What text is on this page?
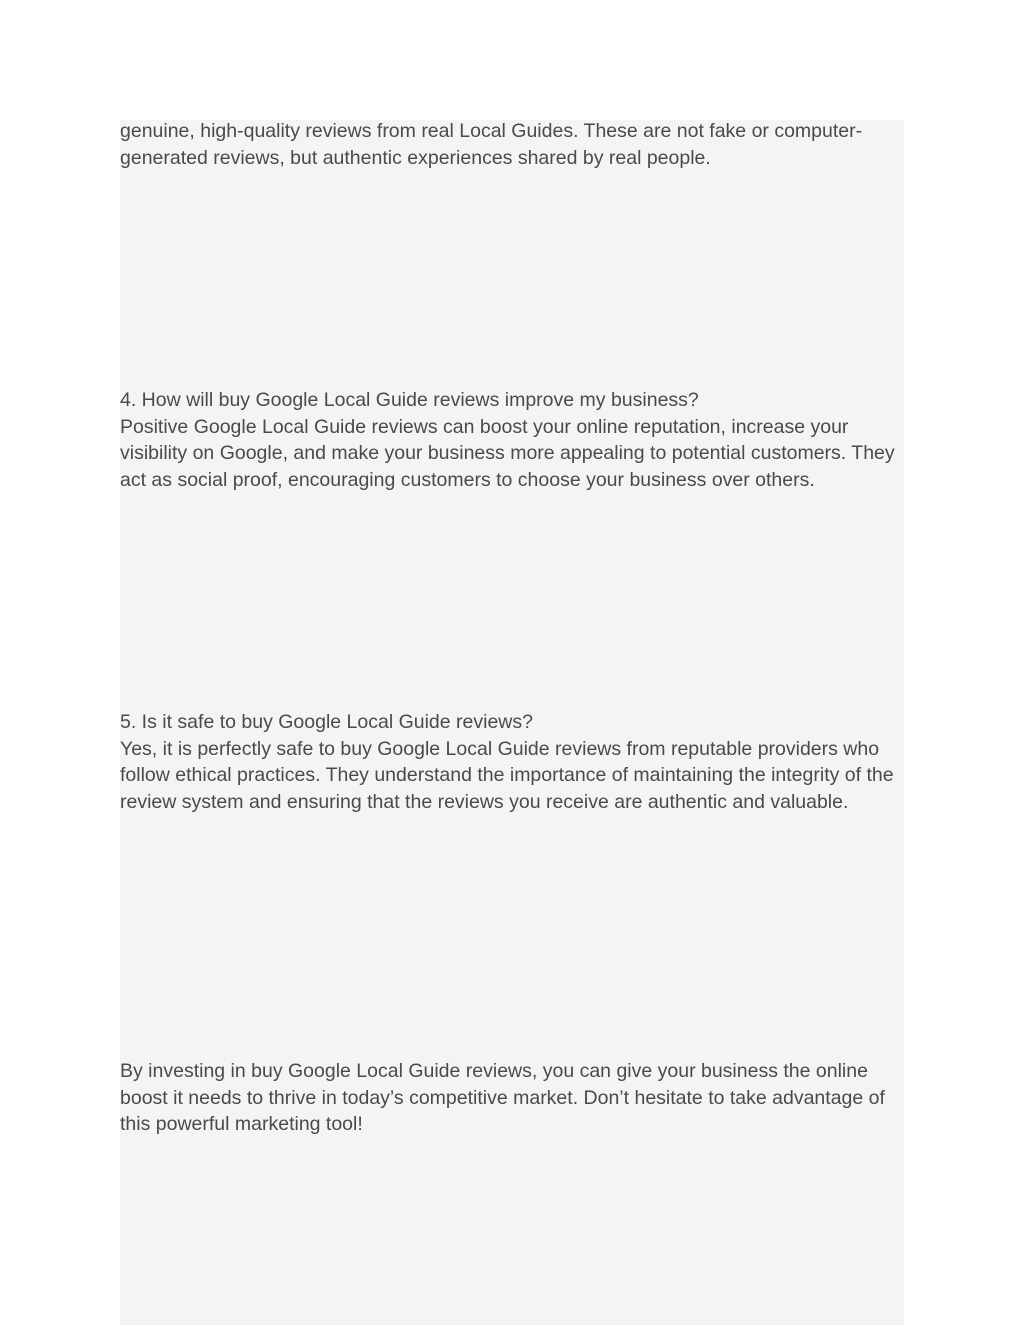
genuine, high-quality reviews from real Local Guides. These are not fake or computer-generated reviews, but authentic experiences shared by real people.

4. How will buy Google Local Guide reviews improve my business?

Positive Google Local Guide reviews can boost your online reputation, increase your visibility on Google, and make your business more appealing to potential customers. They act as social proof, encouraging customers to choose your business over others.

5. Is it safe to buy Google Local Guide reviews?

Yes, it is perfectly safe to buy Google Local Guide reviews from reputable providers who follow ethical practices. They understand the importance of maintaining the integrity of the review system and ensuring that the reviews you receive are authentic and valuable.

By investing in buy Google Local Guide reviews, you can give your business the online boost it needs to thrive in today’s competitive market. Don’t hesitate to take advantage of this powerful marketing tool!
